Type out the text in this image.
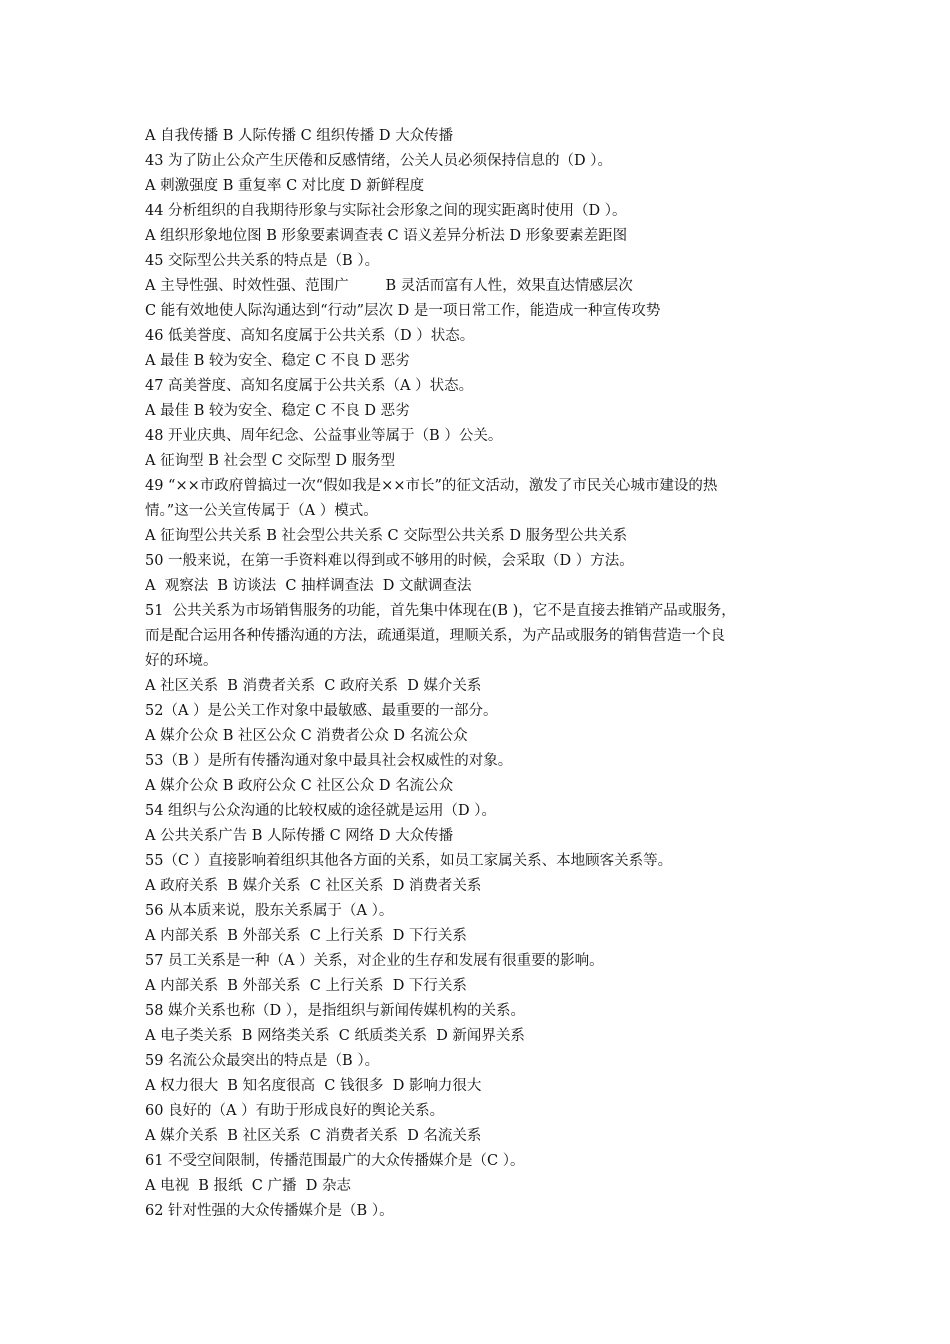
A 自我传播 B 人际传播 C 组织传播 D 大众传播
43 为了防止公众产生厌倦和反感情绪，公关人员必须保持信息的（D ）。
A 刺激强度 B 重复率 C 对比度 D 新鲜程度
44 分析组织的自我期待形象与实际社会形象之间的现实距离时使用（D ）。
A 组织形象地位图 B 形象要素调查表 C 语义差异分析法 D 形象要素差距图
45 交际型公共关系的特点是（B ）。
A 主导性强、时效性强、范围广        B 灵活而富有人性，效果直达情感层次
C 能有效地使人际沟通达到“行动”层次 D 是一项日常工作，能造成一种宣传攻势
46 低美誉度、高知名度属于公共关系（D ）状态。
A 最佳 B 较为安全、稳定 C 不良 D 恶劣
47 高美誉度、高知名度属于公共关系（A ）状态。
A 最佳 B 较为安全、稳定 C 不良 D 恶劣
48 开业庆典、周年纪念、公益事业等属于（B ）公关。
A 征询型 B 社会型 C 交际型 D 服务型
49 “××市政府曾搞过一次“假如我是××市长”的征文活动，激发了市民关心城市建设的热
情。”这一公关宣传属于（A ）模式。
A 征询型公共关系 B 社会型公共关系 C 交际型公共关系 D 服务型公共关系
50 一般来说，在第一手资料难以得到或不够用的时候，会采取（D ）方法。
A  观察法  B 访谈法  C 抽样调查法  D 文献调查法
51  公共关系为市场销售服务的功能，首先集中体现在(B )，它不是直接去推销产品或服务，
而是配合运用各种传播沟通的方法，疏通渠道，理顺关系，为产品或服务的销售营造一个良
好的环境。
A 社区关系  B 消费者关系  C 政府关系  D 媒介关系
52（A ）是公关工作对象中最敏感、最重要的一部分。
A 媒介公众 B 社区公众 C 消费者公众 D 名流公众
53（B ）是所有传播沟通对象中最具社会权威性的对象。
A 媒介公众 B 政府公众 C 社区公众 D 名流公众
54 组织与公众沟通的比较权威的途径就是运用（D ）。
A 公共关系广告 B 人际传播 C 网络 D 大众传播
55（C ）直接影响着组织其他各方面的关系，如员工家属关系、本地顾客关系等。
A 政府关系  B 媒介关系  C 社区关系  D 消费者关系
56 从本质来说，股东关系属于（A ）。
A 内部关系  B 外部关系  C 上行关系  D 下行关系
57 员工关系是一种（A ）关系，对企业的生存和发展有很重要的影响。
A 内部关系  B 外部关系  C 上行关系  D 下行关系
58 媒介关系也称（D ），是指组织与新闻传媒机构的关系。
A 电子类关系  B 网络类关系  C 纸质类关系  D 新闻界关系
59 名流公众最突出的特点是（B ）。
A 权力很大  B 知名度很高  C 钱很多  D 影响力很大
60 良好的（A ）有助于形成良好的舆论关系。
A 媒介关系  B 社区关系  C 消费者关系  D 名流关系
61 不受空间限制，传播范围最广的大众传播媒介是（C ）。
A 电视  B 报纸  C 广播  D 杂志
62 针对性强的大众传播媒介是（B ）。
